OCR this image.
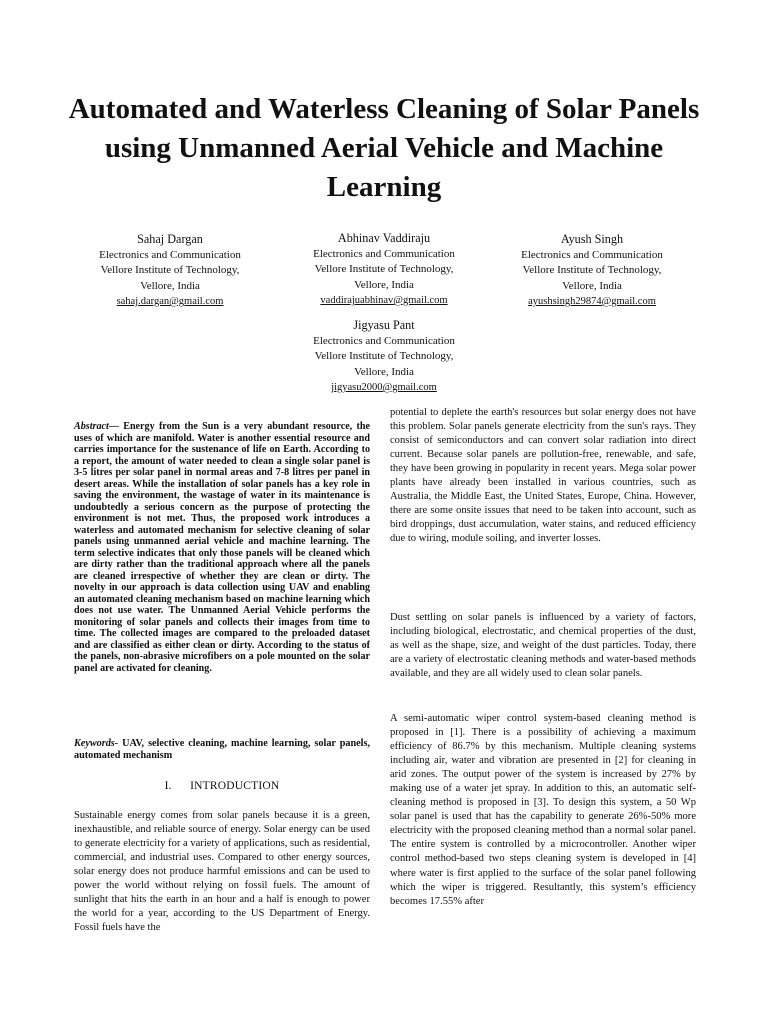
Automated and Waterless Cleaning of Solar Panels using Unmanned Aerial Vehicle and Machine Learning
Sahaj Dargan
Electronics and Communication
Vellore Institute of Technology,
Vellore, India
sahaj.dargan@gmail.com
Abhinav Vaddiraju
Electronics and Communication
Vellore Institute of Technology,
Vellore, India
vaddirajuabhinav@gmail.com
Ayush Singh
Electronics and Communication
Vellore Institute of Technology,
Vellore, India
ayushsingh29874@gmail.com
Jigyasu Pant
Electronics and Communication
Vellore Institute of Technology,
Vellore, India
jigyasu2000@gmail.com
Abstract— Energy from the Sun is a very abundant resource, the uses of which are manifold. Water is another essential resource and carries importance for the sustenance of life on Earth. According to a report, the amount of water needed to clean a single solar panel is 3-5 litres per solar panel in normal areas and 7-8 litres per panel in desert areas. While the installation of solar panels has a key role in saving the environment, the wastage of water in its maintenance is undoubtedly a serious concern as the purpose of protecting the environment is not met. Thus, the proposed work introduces a waterless and automated mechanism for selective cleaning of solar panels using unmanned aerial vehicle and machine learning. The term selective indicates that only those panels will be cleaned which are dirty rather than the traditional approach where all the panels are cleaned irrespective of whether they are clean or dirty. The novelty in our approach is data collection using UAV and enabling an automated cleaning mechanism based on machine learning which does not use water. The Unmanned Aerial Vehicle performs the monitoring of solar panels and collects their images from time to time. The collected images are compared to the preloaded dataset and are classified as either clean or dirty. According to the status of the panels, non-abrasive microfibers on a pole mounted on the solar panel are activated for cleaning.
Keywords- UAV, selective cleaning, machine learning, solar panels, automated mechanism
I.      INTRODUCTION

Sustainable energy comes from solar panels because it is a green, inexhaustible, and reliable source of energy. Solar energy can be used to generate electricity for a variety of applications, such as residential, commercial, and industrial uses. Compared to other energy sources, solar energy does not produce harmful emissions and can be used to power the world without relying on fossil fuels. The amount of sunlight that hits the earth in an hour and a half is enough to power the world for a year, according to the US Department of Energy. Fossil fuels have the

potential to deplete the earth's resources but solar energy does not have this problem. Solar panels generate electricity from the sun's rays. They consist of semiconductors and can convert solar radiation into direct current. Because solar panels are pollution-free, renewable, and safe, they have been growing in popularity in recent years. Mega solar power plants have already been installed in various countries, such as Australia, the Middle East, the United States, Europe, China. However, there are some onsite issues that need to be taken into account, such as bird droppings, dust accumulation, water stains, and reduced efficiency due to wiring, module soiling, and inverter losses.

Dust settling on solar panels is influenced by a variety of factors, including biological, electrostatic, and chemical properties of the dust, as well as the shape, size, and weight of the dust particles. Today, there are a variety of electrostatic cleaning methods and water-based methods available, and they are all widely used to clean solar panels.

A semi-automatic wiper control system-based cleaning method is proposed in [1]. There is a possibility of achieving a maximum efficiency of 86.7% by this mechanism. Multiple cleaning systems including air, water and vibration are presented in [2] for cleaning in arid zones. The output power of the system is increased by 27% by making use of a water jet spray. In addition to this, an automatic self-cleaning method is proposed in [3]. To design this system, a 50 Wp solar panel is used that has the capability to generate 26%-50% more electricity with the proposed cleaning method than a normal solar panel. The entire system is controlled by a microcontroller. Another wiper control method-based two steps cleaning system is developed in [4] where water is first applied to the surface of the solar panel following which the wiper is triggered. Resultantly, this system’s efficiency becomes 17.55% after
